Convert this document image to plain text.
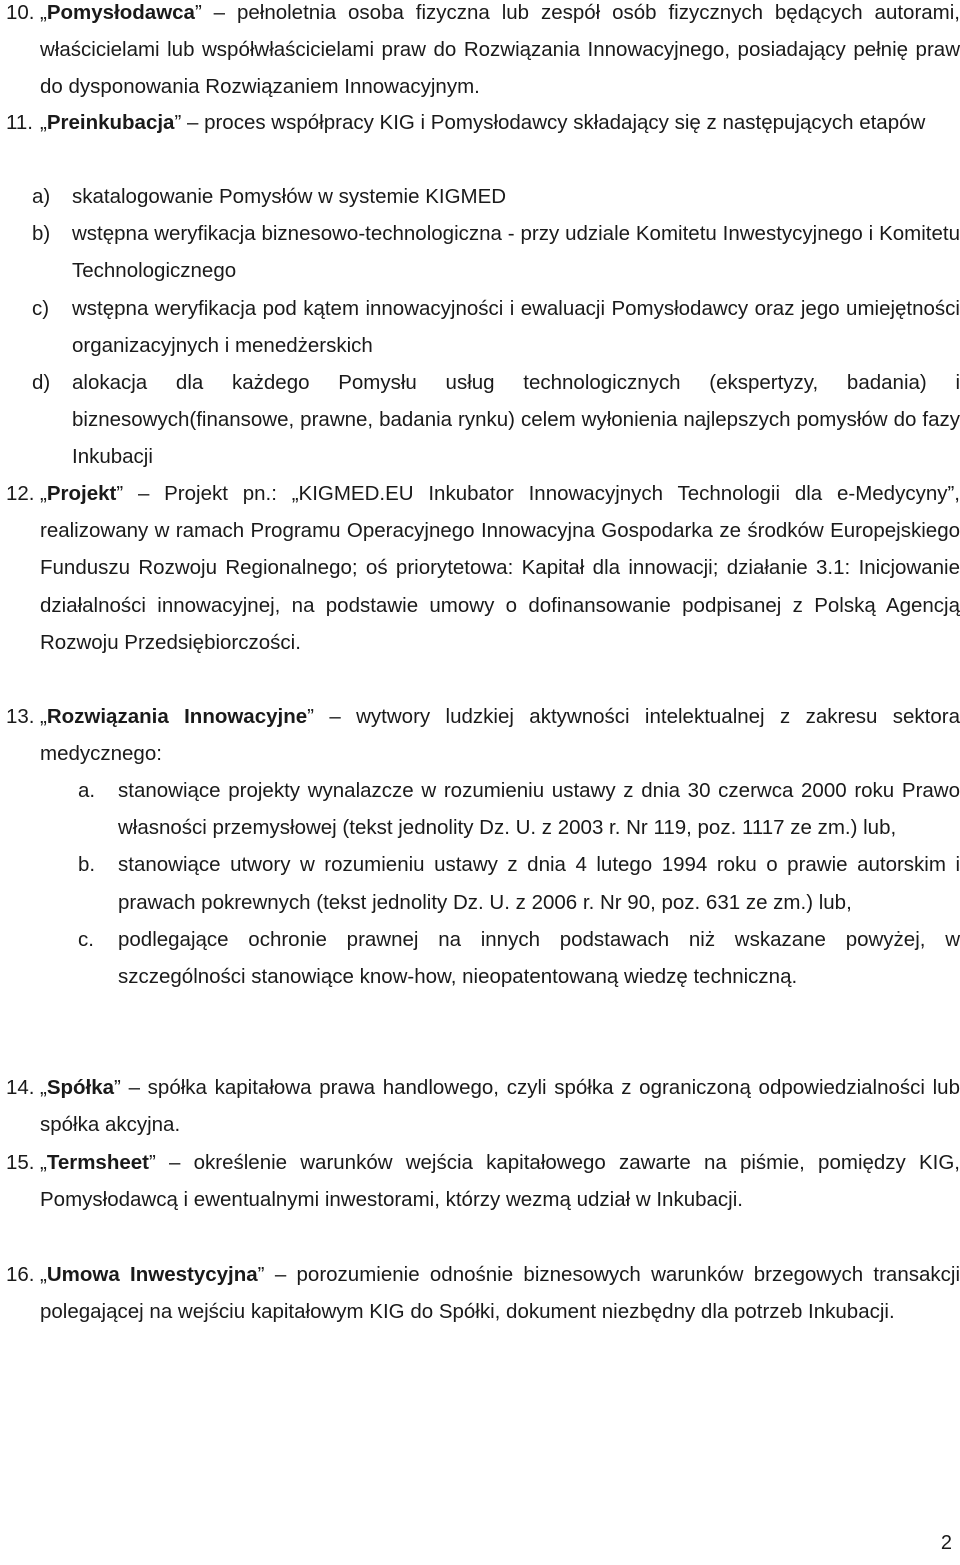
10. „Pomysłodawca” – pełnoletnia osoba fizyczna lub zespół osób fizycznych będących autorami, właścicielami lub współwłaścicielami praw do Rozwiązania Innowacyjnego, posiadający pełnię praw do dysponowania Rozwiązaniem Innowacyjnym.
11. „Preinkubacja” – proces współpracy KIG i Pomysłodawcy składający się z następujących etapów
a)	skatalogowanie Pomysłów w systemie KIGMED
b)	wstępna weryfikacja biznesowo-technologiczna - przy udziale Komitetu Inwestycyjnego i Komitetu Technologicznego
c)	wstępna weryfikacja pod kątem innowacyjności i ewaluacji Pomysłodawcy oraz jego umiejętności organizacyjnych i menedżerskich
d)	alokacja dla każdego Pomysłu usług technologicznych (ekspertyzy, badania) i biznesowych(finansowe, prawne, badania rynku) celem wyłonienia najlepszych pomysłów do fazy Inkubacji
12. „Projekt” – Projekt pn.: „KIGMED.EU Inkubator Innowacyjnych Technologii dla e-Medycyny”, realizowany w ramach Programu Operacyjnego Innowacyjna Gospodarka ze środków Europejskiego Funduszu Rozwoju Regionalnego; oś priorytetowa: Kapitał dla innowacji; działanie 3.1: Inicjowanie działalności innowacyjnej, na podstawie umowy o dofinansowanie podpisanej z Polską Agencją Rozwoju Przedsiębiorczości.
13. „Rozwiązania Innowacyjne” – wytwory ludzkiej aktywności intelektualnej z zakresu sektora medycznego:
a.	stanowiące projekty wynalazcze w rozumieniu ustawy z dnia 30 czerwca 2000 roku Prawo własności przemysłowej (tekst jednolity Dz. U. z 2003 r. Nr 119, poz. 1117 ze zm.) lub,
b.	stanowiące utwory w rozumieniu ustawy z dnia 4 lutego 1994 roku o prawie autorskim i prawach pokrewnych (tekst jednolity Dz. U. z 2006 r. Nr 90, poz. 631 ze zm.) lub,
c.	podlegające ochronie prawnej na innych podstawach niż wskazane powyżej, w szczególności stanowiące know-how, nieopatentowaną wiedzę techniczną.
14. „Spółka” – spółka kapitałowa prawa handlowego, czyli spółka z ograniczoną odpowiedzialności lub spółka akcyjna.
15. „Termsheet” – określenie warunków wejścia kapitałowego zawarte na piśmie, pomiędzy KIG, Pomysłodawcą i ewentualnymi inwestorami, którzy wezmą udział w Inkubacji.
16. „Umowa Inwestycyjna” – porozumienie odnośnie biznesowych warunków brzegowych transakcji polegającej na wejściu kapitałowym KIG do Spółki, dokument niezbędny dla potrzeb Inkubacji.
2
